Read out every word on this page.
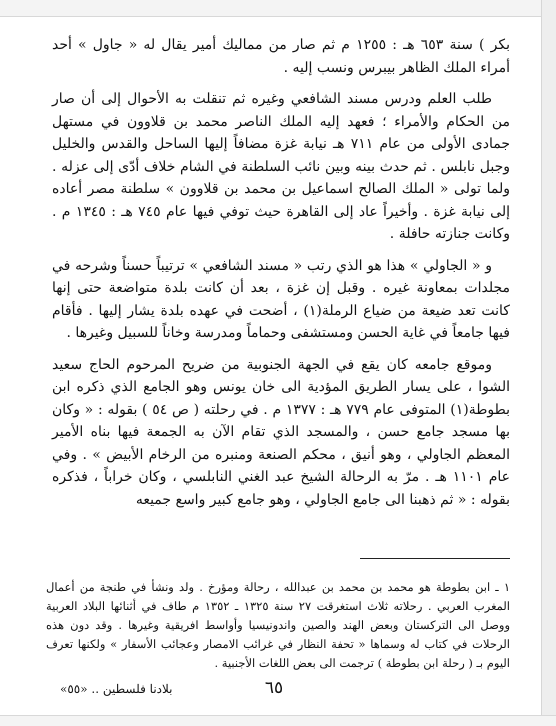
بكر ) سنة ٦٥٣ هـ : ١٢٥٥ م ثم صار من مماليك أمير يقال له « جاول » أحد أمراء الملك الظاهر بيبرس ونسب إليه .

طلب العلم ودرس مسند الشافعي وغيره ثم تنقلت به الأحوال إلى أن صار من الحكام والأمراء ؛ فعهد إليه الملك الناصر محمد بن قلاوون في مستهل جمادى الأولى من عام ٧١١ هـ نيابة غزة مضافاً إليها الساحل والقدس والخليل وجبل نابلس . ثم حدث بينه وبين نائب السلطنة في الشام خلاف أدّى إلى عزله . ولما تولى « الملك الصالح اسماعيل بن محمد بن قلاوون » سلطنة مصر أعاده إلى نيابة غزة . وأخيراً عاد إلى القاهرة حيث توفي فيها عام ٧٤٥ هـ : ١٣٤٥ م . وكانت جنازته حافلة .

و « الجاولي » هذا هو الذي رتب « مسند الشافعي » ترتيباً حسناً وشرحه في مجلدات بمعاونة غيره . وقبل إن غزة ، بعد أن كانت بلدة متواضعة حتى إنها كانت تعد ضيعة من ضياع الرملة(١) ، أضحت في عهده بلدة يشار إليها . فأقام فيها جامعاً في غاية الحسن ومستشفى وحماماً ومدرسة وخاناً للسبيل وغيرها .

وموقع جامعه كان يقع في الجهة الجنوبية من ضريح المرحوم الحاج سعيد الشوا ، على يسار الطريق المؤدية الى خان يونس وهو الجامع الذي ذكره ابن بطوطة(١) المتوفى عام ٧٧٩ هـ : ١٣٧٧ م . في رحلته ( ص ٥٤ ) بقوله : « وكان بها مسجد جامع حسن ، والمسجد الذي تقام الآن به الجمعة فيها بناه الأمير المعظم الجاولي ، وهو أنيق ، محكم الصنعة ومنبره من الرخام الأبيض » . وفي عام ١١٠١ هـ . مرّ به الرحالة الشيخ عبد الغني النابلسي ، وكان خراباً ، فذكره بقوله : « ثم ذهبنا الى جامع الجاولي ، وهو جامع كبير واسع جميعه

١ ـ ابن بطوطة هو محمد بن محمد بن عبدالله ، رحالة ومؤرخ . ولد ونشأ في طنجة من أعمال المغرب العربي . رحلاته ثلاث استغرقت ٢٧ سنة ١٣٢٥ ـ ١٣٥٢ م طاف في أثنائها البلاد العربية ووصل الى التركستان وبعض الهند والصين واندونيسيا وأواسط افريقية وغيرها . وقد دون هذه الرحلات في كتاب له وسماها « تحفة النظار في غرائب الامصار وعجائب الأسفار » ولكنها تعرف اليوم بـ ( رحلة ابن بطوطة ) ترجمت الى بعض اللغات الأجنبية .

بلادنا فلسطين .. «٥٥»	٦٥
